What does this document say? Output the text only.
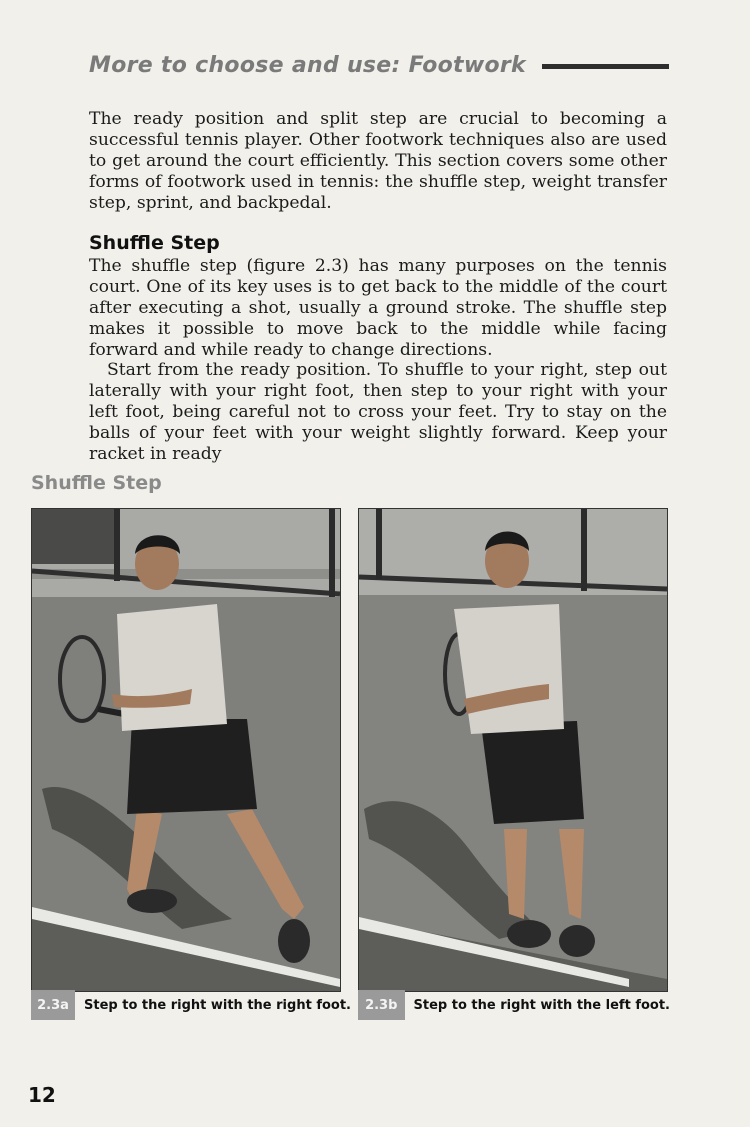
More to choose and use: Footwork

The ready position and split step are crucial to becoming a successful tennis player. Other footwork techniques also are used to get around the court efficiently. This section covers some other forms of footwork used in tennis: the shuffle step, weight transfer step, sprint, and backpedal.

Shuffle Step

The shuffle step (figure 2.3) has many purposes on the tennis court. One of its key uses is to get back to the middle of the court after executing a shot, usually a ground stroke. The shuffle step makes it possible to move back to the middle while facing forward and while ready to change directions.

Start from the ready position. To shuffle to your right, step out laterally with your right foot, then step to your right with your left foot, being careful not to cross your feet. Try to stay on the balls of your feet with your weight slightly forward. Keep your racket in ready

Shuffle Step
2.3a	Step to the right with the right foot.	2.3b	Step to the right with the left foot.

12
